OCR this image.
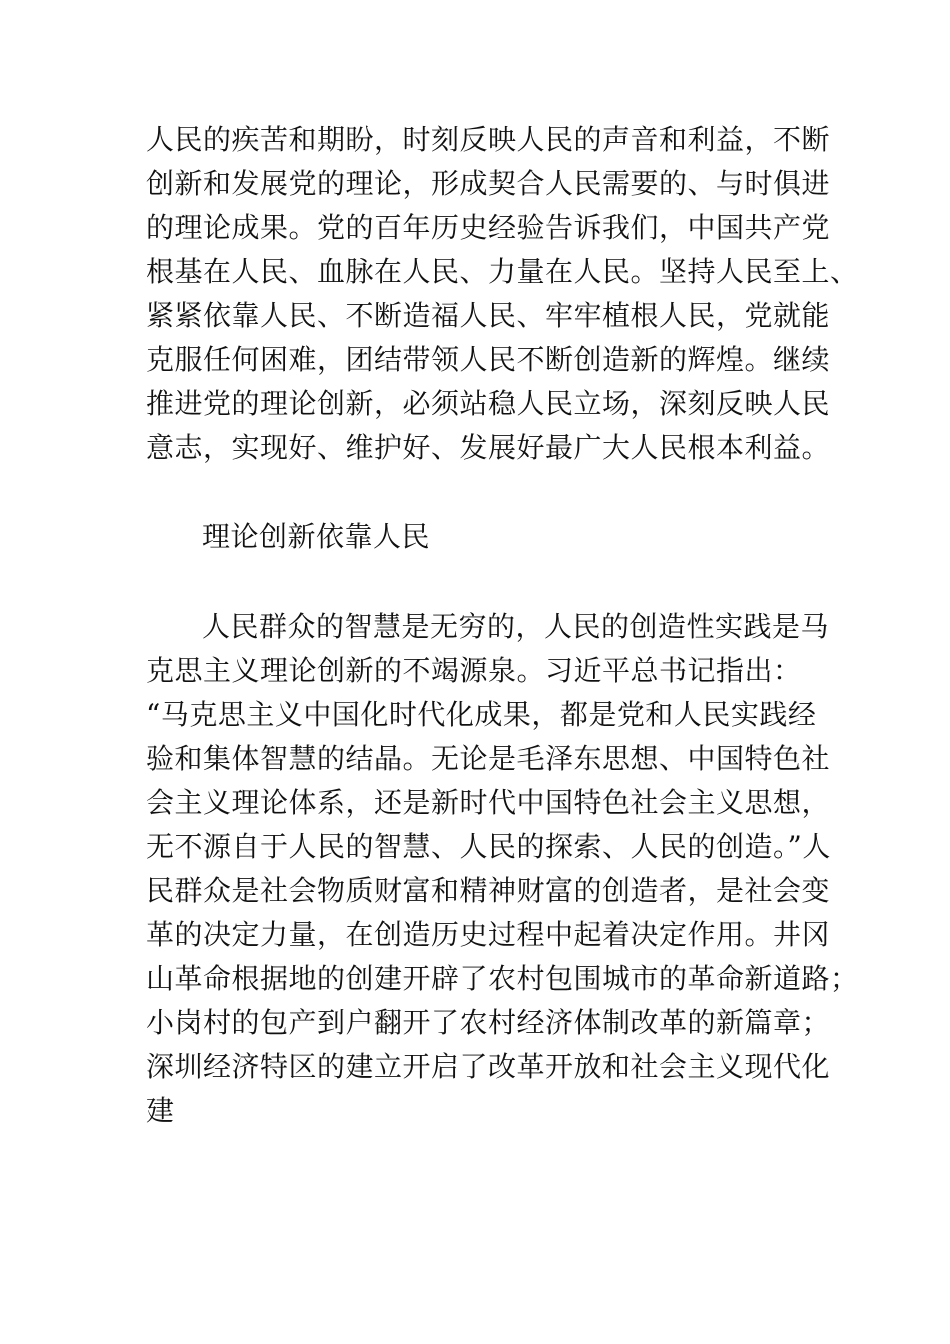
人民的疾苦和期盼，时刻反映人民的声音和利益，不断
创新和发展党的理论，形成契合人民需要的、与时俱进
的理论成果。党的百年历史经验告诉我们，中国共产党
根基在人民、血脉在人民、力量在人民。坚持人民至上、
紧紧依靠人民、不断造福人民、牢牢植根人民，党就能
克服任何困难，团结带领人民不断创造新的辉煌。继续
推进党的理论创新，必须站稳人民立场，深刻反映人民
意志，实现好、维护好、发展好最广大人民根本利益。
理论创新依靠人民
人民群众的智慧是无穷的，人民的创造性实践是马
克思主义理论创新的不竭源泉。习近平总书记指出：
“马克思主义中国化时代化成果，都是党和人民实践经
验和集体智慧的结晶。无论是毛泽东思想、中国特色社
会主义理论体系，还是新时代中国特色社会主义思想，
无不源自于人民的智慧、人民的探索、人民的创造。”人
民群众是社会物质财富和精神财富的创造者，是社会变
革的决定力量，在创造历史过程中起着决定作用。井冈
山革命根据地的创建开辟了农村包围城市的革命新道路；
小岗村的包产到户翻开了农村经济体制改革的新篇章；
深圳经济特区的建立开启了改革开放和社会主义现代化
建
